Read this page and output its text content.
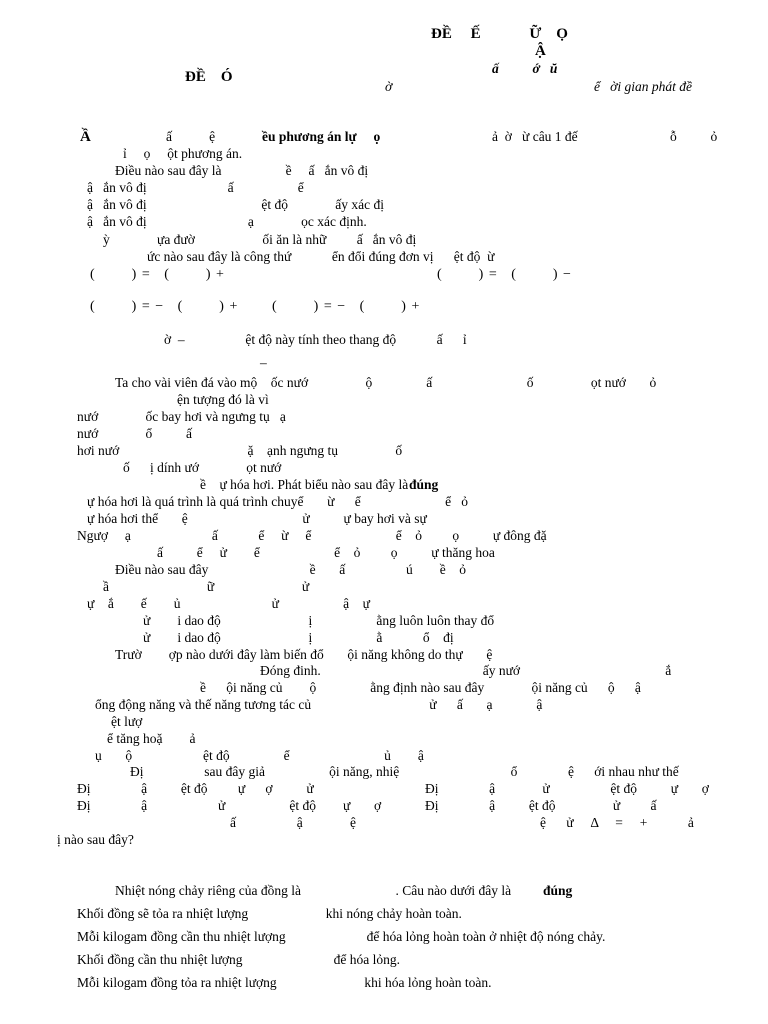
ĐỀ     Ế             Ữ    Ọ
Ậ
ĐỀ    Ó
ấ          ớ   ŭ
ờ	ể   ời gian phát đề
Ầ	ấ           ệ	ều phương án lự     ọ	ả  ờ   ừ câu 1 đế	ỗ          ỏ
ỉ     ọ     ột phương án.
(        ) =   (        ) +	(        ) =   (        ) −
(        ) = −   (        ) + (        ) = −   (        ) +
Điều nào sau đây là                   ề     ấ   ắn vô đị
ậ   ắn vô đị                        ấ                   ể
ậ   ắn vô đị                                  ệt độ              ấy xác đị
ậ   ắn vô đị                              ạ              ọc xác định.
ỳ              ựa đườ                    ối ăn là nhữ         ấ   ắn vô đị
ức nào sau đây là công thứ            ển đổi đúng đơn vị      ệt độ  ừ
ờ  –                  ệt độ này tính theo thang độ            ấ      ỉ
–
Ta cho vài viên đá vào mộ    ốc nướ                 ộ                ấ                            ố                 ọt nướ       ỏ
ện tượng đó là vì
nướ              ốc bay hơi và ngưng tụ   ạ
nướ              ổ          ấ
hơi nướ                                      ặ    ạnh ngưng tụ                 ố
ố      ị dính ướ              ọt nướ
ề    ự hóa hơi. Phát biểu nào sau đây là
ự hóa hơi là quá trình là quá trình chuyể       ừ      ể                         ể   ỏ
ự hóa hơi thể       ệ                                  ử          ự bay hơi và sự
Ngượ     ạ                        ấ            ể     ừ     ể                         ể    ỏ         ọ          ự đông đặ
ấ          ể     ử        ể                      ể    ỏ         ọ          ự thăng hoa
Điều nào sau đây                              ề       ấ                  ú        ề    ỏ
ầ                             ữ                          ử
ự    ắ        ế        ủ                           ử                   ậ    ự
ử        i dao độ                          ị                   ằng luôn luôn thay đổ
ử        i dao độ                          ị                   ằ            ổ    đị
Trườ        ợp nào dưới đây làm biến đổ       ội năng không do thự       ệ
Đóng đinh.                                                ấy nướ                                           ắ
ề      ội năng củ        ộ                ằng định nào sau đây              ội năng củ      ộ      ậ
ổng động năng và thế năng tương tác củ                                   ử      ấ       ạ             ậ
ệt lượ
ể tăng hoặ        ả
ụ       ộ                     ệt độ                ể                            ủ        ậ
Đị                  sau đây giả                   ội năng, nhiệ                                 ổ               ệ      ới nhau như thế
Đị               ậ          ệt độ         ự      ợ          ử	Đị               ậ              ử                  ệt độ          ự       ợ
Đị               ậ                     ử                   ệt độ        ự       ợ	Đị               ậ          ệt độ                 ử         ấ
ấ                  ậ              ệ	ệ      ử     Δ     =     +            ả
ị nào sau đây?
Nhiệt nóng chảy riêng của đồng là                            . Câu nào dưới đây là
Khối đồng sẽ tỏa ra nhiệt lượng                       khi nóng chảy hoàn toàn.
Mỗi kilogam đồng cần thu nhiệt lượng                        để hóa lỏng hoàn toàn ở nhiệt độ nóng chảy.
Khối đồng cần thu nhiệt lượng                           để hóa lỏng.
Mỗi kilogam đồng tỏa ra nhiệt lượng                          khi hóa lỏng hoàn toàn.
đúng
đúng
